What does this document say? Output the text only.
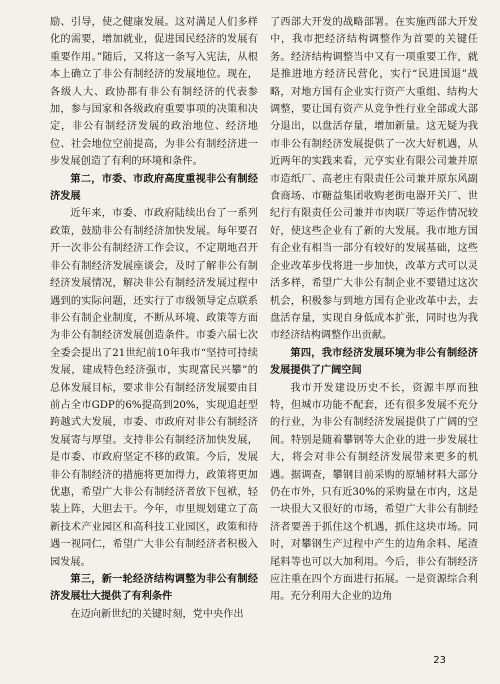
励、引导，使之健康发展。这对满足人们多样化的需要，增加就业，促进国民经济的发展有重要作用。”随后，又将这一条写入宪法，从根本上确立了非公有制经济的发展地位。现在，各级人大、政协都有非公有制经济的代表参加，参与国家和各级政府重要事项的决策和决定，非公有制经济发展的政治地位、经济地位、社会地位空前提高，为非公有制经济进一步发展创造了有利的环境和条件。

第二，市委、市政府高度重视非公有制经济发展

近年来，市委、市政府陆续出台了一系列政策，鼓励非公有制经济加快发展。每年要召开一次非公有制经济工作会议，不定期地召开非公有制经济发展座谈会，及时了解非公有制经济发展情况，解决非公有制经济发展过程中遇到的实际问题，还实行了市级领导定点联系非公有制企业制度，不断从环境、政策等方面为非公有制经济发展创造条件。市委六届七次全委会提出了21世纪前10年我市“坚持可持续发展，建成特色经济强市，实现富民兴攀”的总体发展目标，要求非公有制经济发展要由目前占全市GDP的6%提高到20%，实现追赶型跨越式大发展，市委、市政府对非公有制经济发展寄与厚望。支持非公有制经济加快发展，是市委、市政府坚定不移的政策。今后，发展非公有制经济的措施将更加得力，政策将更加优惠，希望广大非公有制经济者放下包袱，轻装上阵，大胆去干。今年，市里规划建立了高新技术产业园区和高科技工业园区，政策和待遇一视同仁，希望广大非公有制经济者积极入园发展。

第三，新一轮经济结构调整为非公有制经济发展壮大提供了有利条件

在迈向新世纪的关键时刻，党中央作出

了西部大开发的战略部署。在实施西部大开发中，我市把经济结构调整作为首要的关键任务。经济结构调整当中又有一项重要工作，就是推进地方经济民营化，实行“民进国退”战略，对地方国有企业实行资产大重组、结构大调整，要让国有资产从竞争性行业全部或大部分退出，以盘活存量，增加新量。这无疑为我市非公有制经济发展提供了一次大好机遇，从近两年的实践来看，元亨实业有限公司兼并原市造纸厂、高老庄有限责任公司兼并原东风副食商场、市糖益集团收购老街电器开关厂、世纪行有限责任公司兼并市肉联厂等运作情况较好，使这些企业有了新的大发展。我市地方国有企业有相当一部分有较好的发展基础，这些企业改革步伐将进一步加快，改革方式可以灵活多样，希望广大非公有制企业不要错过这次机会，积极参与到地方国有企业改革中去，去盘活存量，实现自身低成本扩张，同时也为我市经济结构调整作出贡献。

第四，我市经济发展环境为非公有制经济发展提供了广阔空间

我市开发建设历史不长，资源丰厚而独特，但城市功能不配套，还有很多发展不充分的行业，为非公有制经济发展提供了广阔的空间。特别是随着攀钢等大企业的进一步发展壮大，将会对非公有制经济发展带来更多的机遇。据调查，攀钢目前采购的原辅材料大部分仍在市外，只有近30%的采购量在市内，这是一块很大又很好的市场，希望广大非公有制经济者要善于抓住这个机遇，抓住这块市场。同时，对攀钢生产过程中产生的边角余料、尾渣尾料等也可以大加利用。今后，非公有制经济应注重在四个方面进行拓展。一是资源综合利用。充分利用大企业的边角

23
